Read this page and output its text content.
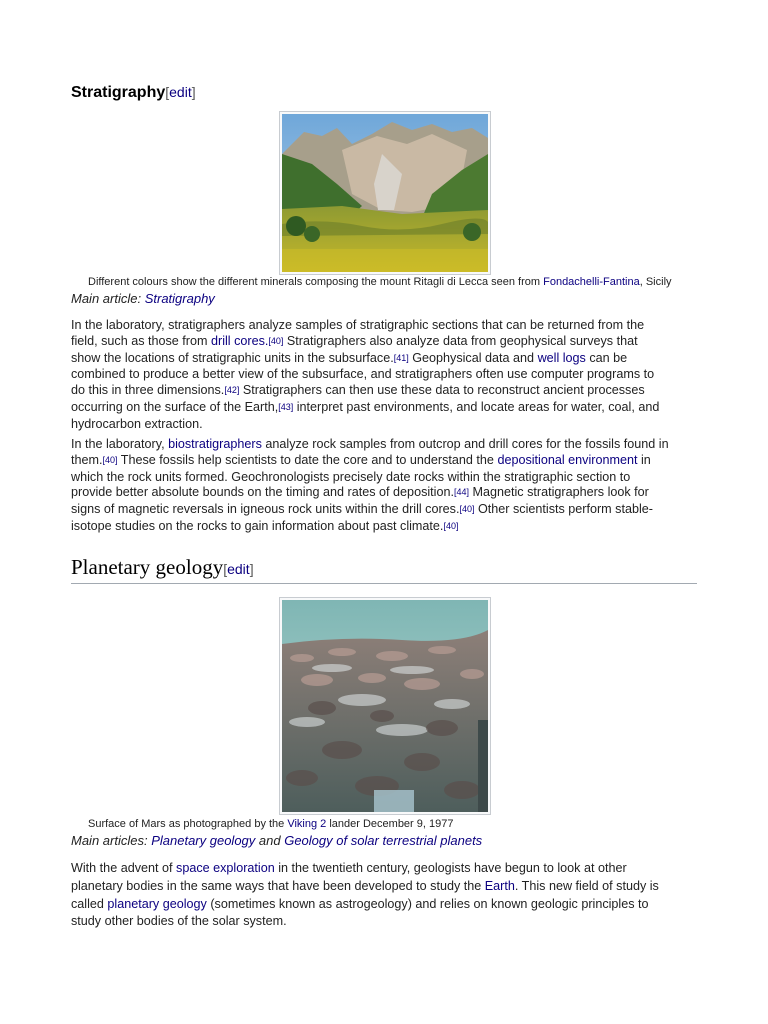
Stratigraphy[edit]
Different colours show the different minerals composing the mount Ritagli di Lecca seen from Fondachelli-Fantina, Sicily
Main article: Stratigraphy
In the laboratory, stratigraphers analyze samples of stratigraphic sections that can be returned from the
field, such as those from drill cores.[40] Stratigraphers also analyze data from geophysical surveys that
show the locations of stratigraphic units in the subsurface.[41] Geophysical data and well logs can be
combined to produce a better view of the subsurface, and stratigraphers often use computer programs to
do this in three dimensions.[42] Stratigraphers can then use these data to reconstruct ancient processes
occurring on the surface of the Earth,[43] interpret past environments, and locate areas for water, coal, and
hydrocarbon extraction.
In the laboratory, biostratigraphers analyze rock samples from outcrop and drill cores for the fossils found in
them.[40] These fossils help scientists to date the core and to understand the depositional environment in
which the rock units formed. Geochronologists precisely date rocks within the stratigraphic section to
provide better absolute bounds on the timing and rates of deposition.[44] Magnetic stratigraphers look for
signs of magnetic reversals in igneous rock units within the drill cores.[40] Other scientists perform stable-
isotope studies on the rocks to gain information about past climate.[40]
Planetary geology[edit]
Surface of Mars as photographed by the Viking 2 lander December 9, 1977
Main articles: Planetary geology and Geology of solar terrestrial planets
With the advent of space exploration in the twentieth century, geologists have begun to look at other
planetary bodies in the same ways that have been developed to study the Earth. This new field of study is
called planetary geology (sometimes known as astrogeology) and relies on known geologic principles to
study other bodies of the solar system.
